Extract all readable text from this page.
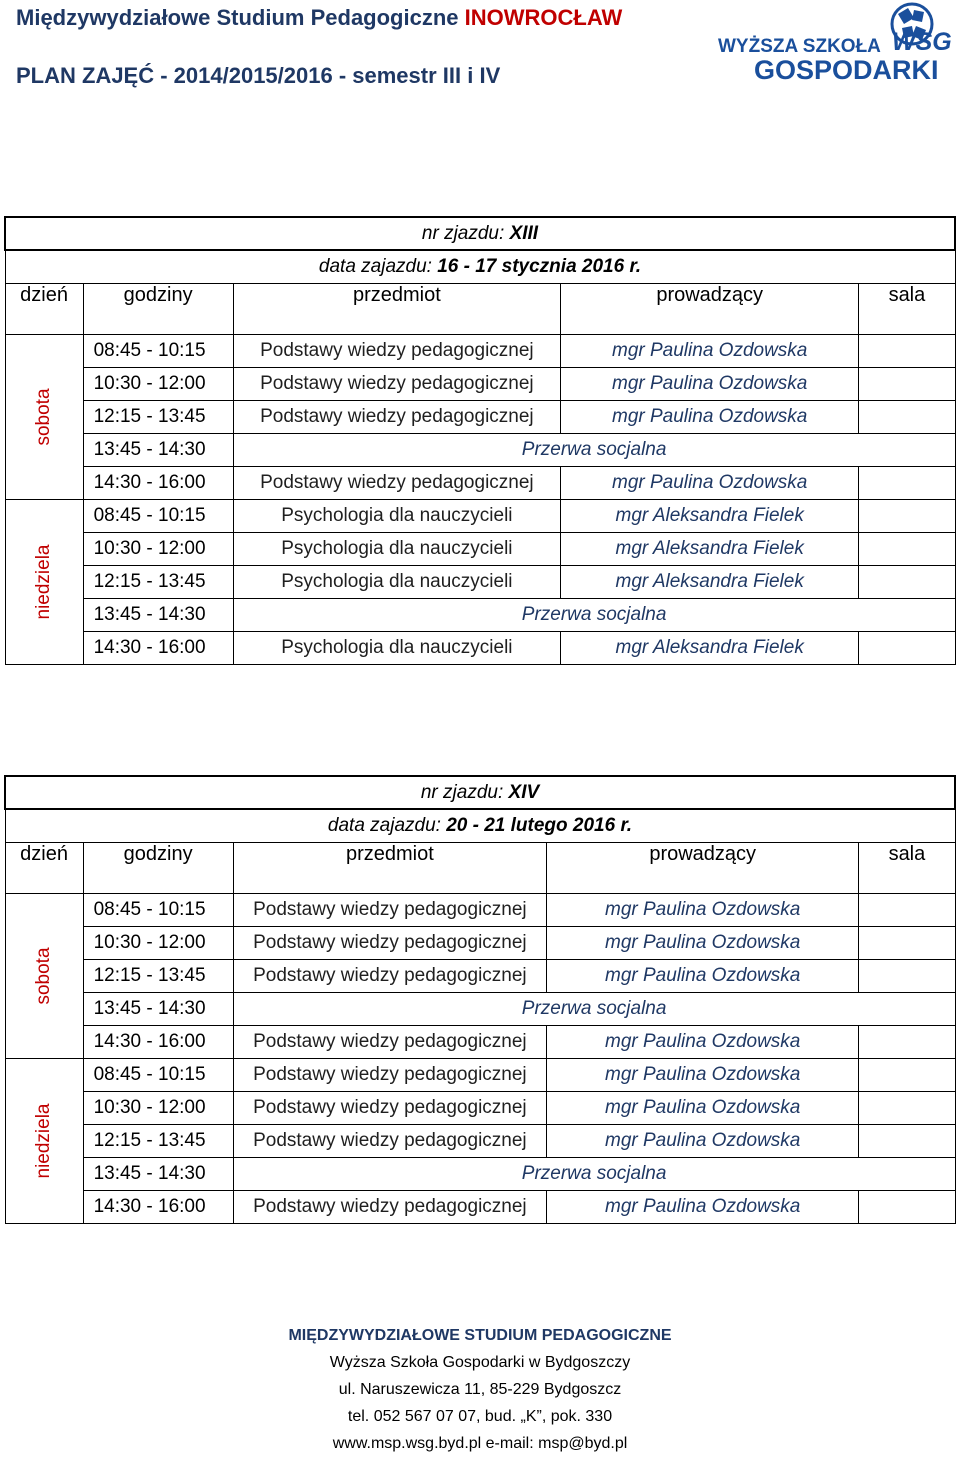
Międzywydziałowe Studium Pedagogiczne INOWROCŁAW
PLAN ZAJĘĆ - 2014/2015/2016 - semestr III i IV
WYŻSZA SZKOŁA WSG
GOSPODARKI
nr zjazdu: XIII				
data zajazdu: 16 - 17 stycznia 2016 r.				
dzień	godziny	przedmiot	prowadzący	sala

sobota	08:45 - 10:15	Podstawy wiedzy pedagogicznej	mgr Paulina Ozdowska	
	10:30 - 12:00	Podstawy wiedzy pedagogicznej	mgr Paulina Ozdowska	
	12:15 - 13:45	Podstawy wiedzy pedagogicznej	mgr Paulina Ozdowska	
	13:45 - 14:30	Przerwa socjalna		
	14:30 - 16:00	Podstawy wiedzy pedagogicznej	mgr Paulina Ozdowska	

niedziela	08:45 - 10:15	Psychologia dla nauczycieli	mgr Aleksandra Fielek	
	10:30 - 12:00	Psychologia dla nauczycieli	mgr Aleksandra Fielek	
	12:15 - 13:45	Psychologia dla nauczycieli	mgr Aleksandra Fielek	
	13:45 - 14:30	Przerwa socjalna		
	14:30 - 16:00	Psychologia dla nauczycieli	mgr Aleksandra Fielek	
nr zjazdu: XIV				
data zajazdu: 20 - 21 lutego 2016 r.				
dzień	godziny	przedmiot	prowadzący	sala

sobota	08:45 - 10:15	Podstawy wiedzy pedagogicznej	mgr Paulina Ozdowska	
	10:30 - 12:00	Podstawy wiedzy pedagogicznej	mgr Paulina Ozdowska	
	12:15 - 13:45	Podstawy wiedzy pedagogicznej	mgr Paulina Ozdowska	
	13:45 - 14:30	Przerwa socjalna		
	14:30 - 16:00	Podstawy wiedzy pedagogicznej	mgr Paulina Ozdowska	

niedziela	08:45 - 10:15	Podstawy wiedzy pedagogicznej	mgr Paulina Ozdowska	
	10:30 - 12:00	Podstawy wiedzy pedagogicznej	mgr Paulina Ozdowska	
	12:15 - 13:45	Podstawy wiedzy pedagogicznej	mgr Paulina Ozdowska	
	13:45 - 14:30	Przerwa socjalna		
	14:30 - 16:00	Podstawy wiedzy pedagogicznej	mgr Paulina Ozdowska	
MIĘDZYWYDZIAŁOWE STUDIUM PEDAGOGICZNE
Wyższa Szkoła Gospodarki w Bydgoszczy
ul. Naruszewicza 11, 85-229 Bydgoszcz
tel. 052 567 07 07, bud. „K”, pok. 330
www.msp.wsg.byd.pl e-mail: msp@byd.pl
